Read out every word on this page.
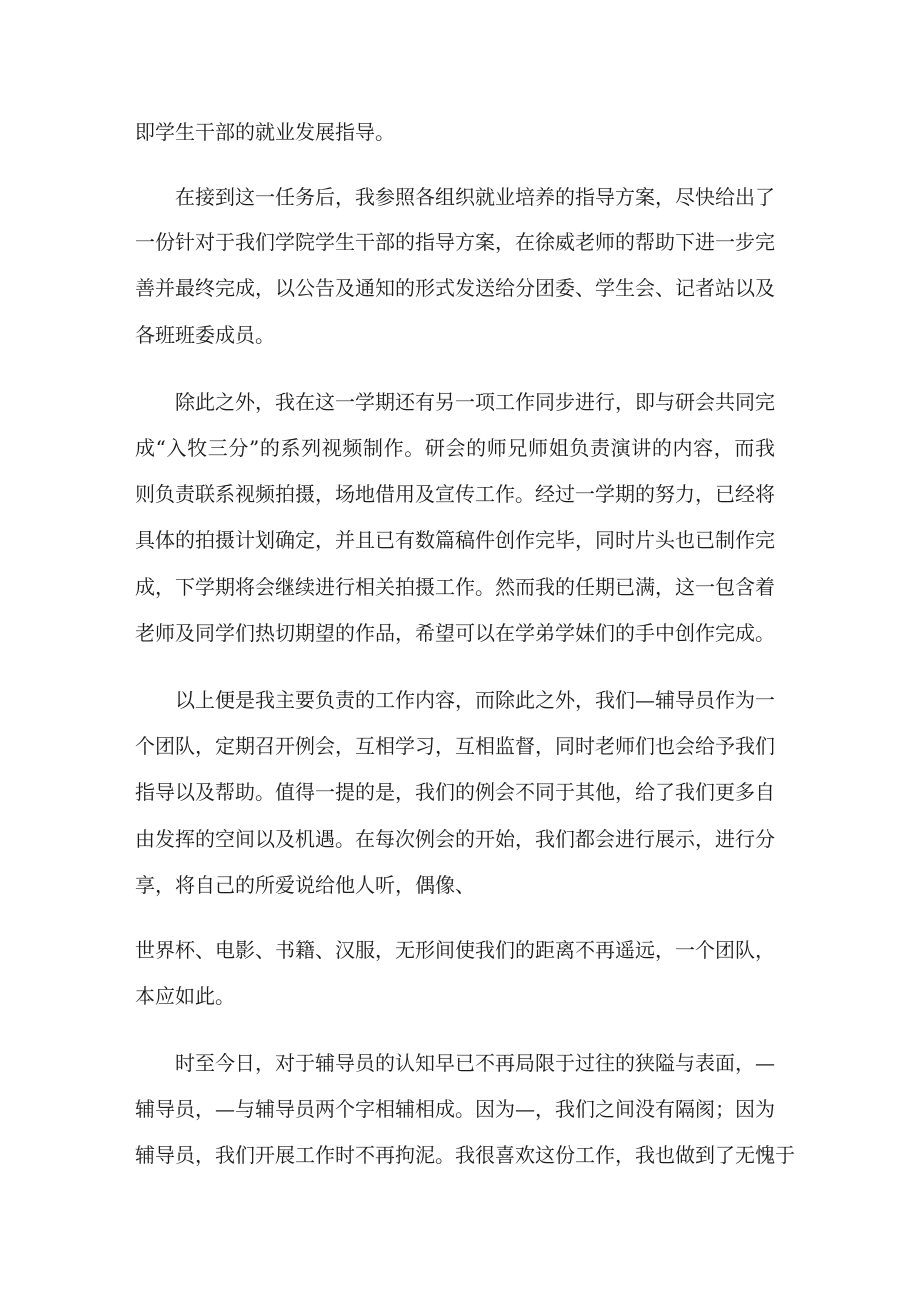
即学生干部的就业发展指导。
在接到这一任务后，我参照各组织就业培养的指导方案，尽快给出了
一份针对于我们学院学生干部的指导方案，在徐威老师的帮助下进一步完
善并最终完成，以公告及通知的形式发送给分团委、学生会、记者站以及
各班班委成员。
除此之外，我在这一学期还有另一项工作同步进行，即与研会共同完
成“入牧三分”的系列视频制作。研会的师兄师姐负责演讲的内容，而我
则负责联系视频拍摄，场地借用及宣传工作。经过一学期的努力，已经将
具体的拍摄计划确定，并且已有数篇稿件创作完毕，同时片头也已制作完
成，下学期将会继续进行相关拍摄工作。然而我的任期已满，这一包含着
老师及同学们热切期望的作品，希望可以在学弟学妹们的手中创作完成。
以上便是我主要负责的工作内容，而除此之外，我们—辅导员作为一
个团队，定期召开例会，互相学习，互相监督，同时老师们也会给予我们
指导以及帮助。值得一提的是，我们的例会不同于其他，给了我们更多自
由发挥的空间以及机遇。在每次例会的开始，我们都会进行展示，进行分
享，将自己的所爱说给他人听，偶像、
世界杯、电影、书籍、汉服，无形间使我们的距离不再遥远，一个团队，
本应如此。
时至今日，对于辅导员的认知早已不再局限于过往的狭隘与表面，—
辅导员，—与辅导员两个字相辅相成。因为—，我们之间没有隔阂；因为
辅导员，我们开展工作时不再拘泥。我很喜欢这份工作，我也做到了无愧于
